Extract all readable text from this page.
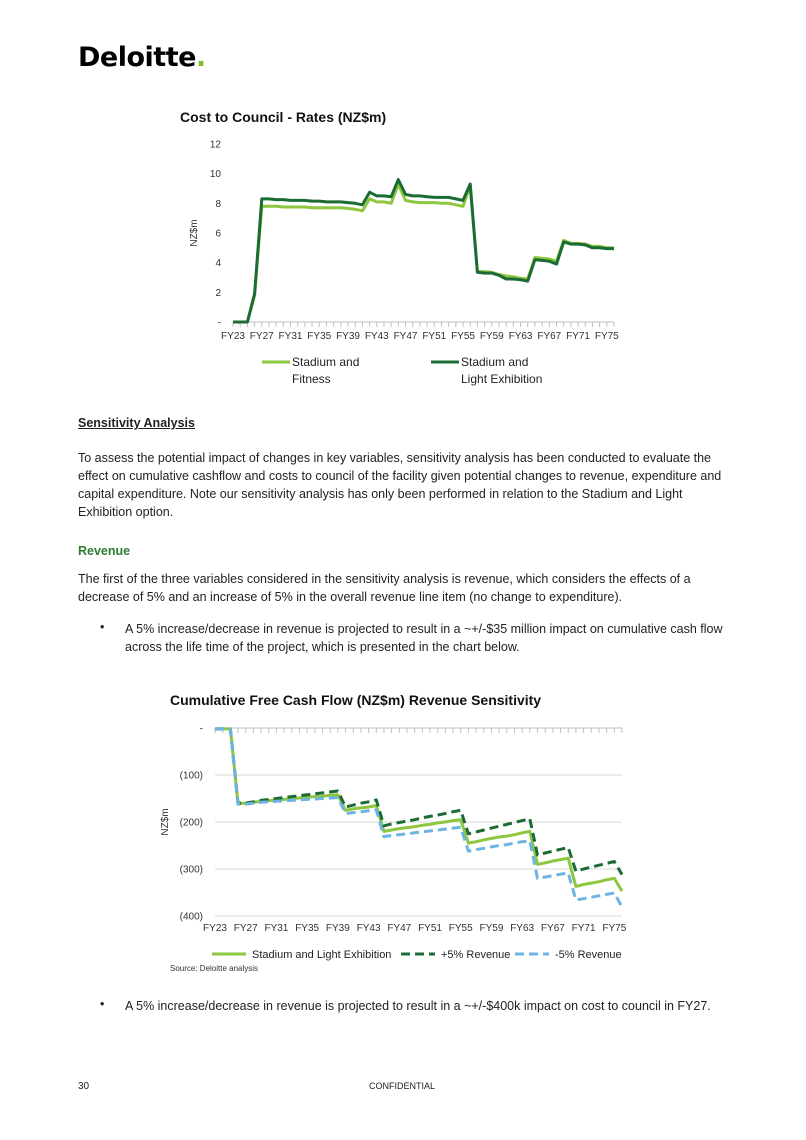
Deloitte.
Cost to Council - Rates (NZ$m)
-
2
4
6
8
10
12
FY23 FY27 FY31 FY35 FY39 FY43 FY47 FY51 FY55 FY59 FY63 FY67 FY71 FY75
NZ$m
Stadium and
Fitness
Stadium and
Light Exhibition
Sensitivity Analysis
To assess the potential impact of changes in key variables, sensitivity analysis has been conducted to evaluate the effect on cumulative cashflow and costs to council of the facility given potential changes to revenue, expenditure and capital expenditure. Note our sensitivity analysis has only been performed in relation to the Stadium and Light Exhibition option.
Revenue
The first of the three variables considered in the sensitivity analysis is revenue, which considers the effects of a decrease of 5% and an increase of 5% in the overall revenue line item (no change to expenditure).
• A 5% increase/decrease in revenue is projected to result in a ~+/-$35 million impact on cumulative cash flow across the life time of the project, which is presented in the chart below.
Cumulative Free Cash Flow (NZ$m) Revenue Sensitivity
-
(100)
(200)
(300)
(400)
FY23 FY27 FY31 FY35 FY39 FY43 FY47 FY51 FY55 FY59 FY63 FY67 FY71 FY75
NZ$m
Stadium and Light Exhibition	+5% Revenue	-5% Revenue
Source: Deloitte analysis
• A 5% increase/decrease in revenue is projected to result in a ~+/-$400k impact on cost to council in FY27.
30	CONFIDENTIAL
